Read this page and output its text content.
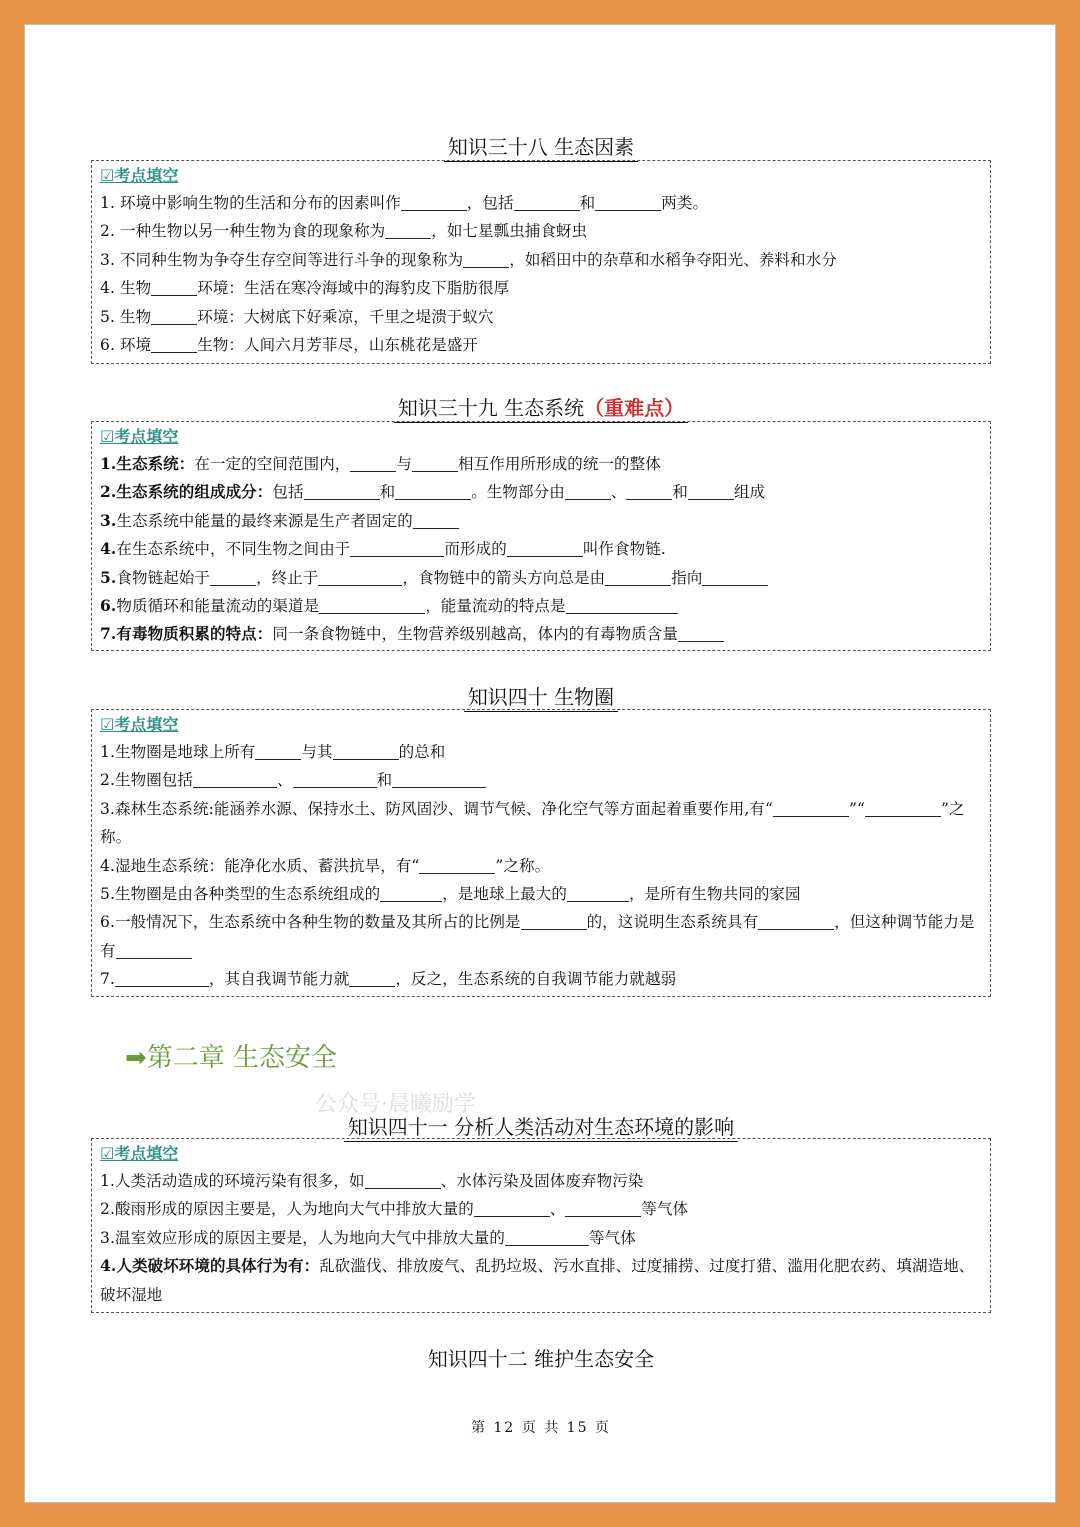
知识三十八 生态因素
☑考点填空
1. 环境中影响生物的生活和分布的因素叫作	，包括	和	两类。
2. 一种生物以另一种生物为食的现象称为	，如七星瓢虫捕食蚜虫
3. 不同种生物为争夺生存空间等进行斗争的现象称为	，如稻田中的杂草和水稻争夺阳光、养料和水分
4. 生物	环境：生活在寒冷海域中的海豹皮下脂肪很厚
5. 生物	环境：大树底下好乘凉，千里之堤溃于蚁穴
6. 环境	生物：人间六月芳菲尽，山东桃花是盛开
知识三十九 生态系统（重难点）
☑考点填空
1.生态系统：在一定的空间范围内，	与	相互作用所形成的统一的整体
2.生态系统的组成成分：包括	和	。生物部分由	、	和	组成
3.生态系统中能量的最终来源是生产者固定的
4.在生态系统中，不同生物之间由于	而形成的	叫作食物链.
5.食物链起始于	，终止于	，食物链中的箭头方向总是由	指向
6.物质循环和能量流动的渠道是	，能量流动的特点是
7.有毒物质积累的特点：同一条食物链中，生物营养级别越高，体内的有毒物质含量
知识四十 生物圈
☑考点填空
1.生物圈是地球上所有	与其	的总和
2.生物圈包括	、	和
3.森林生态系统:能涵养水源、保持水土、防风固沙、调节气候、净化空气等方面起着重要作用,有“	”“	”之称。
4.湿地生态系统：能净化水质、蓄洪抗旱，有“	”之称。
5.生物圈是由各种类型的生态系统组成的	，是地球上最大的	，是所有生物共同的家园
6.一般情况下，生态系统中各种生物的数量及其所占的比例是	的，这说明生态系统具有	，但这种调节能力是有
7.	，其自我调节能力就	，反之，生态系统的自我调节能力就越弱
➡第二章 生态安全
公众号·晨曦励学
知识四十一 分析人类活动对生态环境的影响
☑考点填空
1.人类活动造成的环境污染有很多，如	、水体污染及固体废弃物污染
2.酸雨形成的原因主要是，人为地向大气中排放大量的	、	等气体
3.温室效应形成的原因主要是，人为地向大气中排放大量的	等气体
4.人类破坏环境的具体行为有：乱砍滥伐、排放废气、乱扔垃圾、污水直排、过度捕捞、过度打猎、滥用化肥农药、填湖造地、破坏湿地
知识四十二 维护生态安全
第 12 页 共 15 页
